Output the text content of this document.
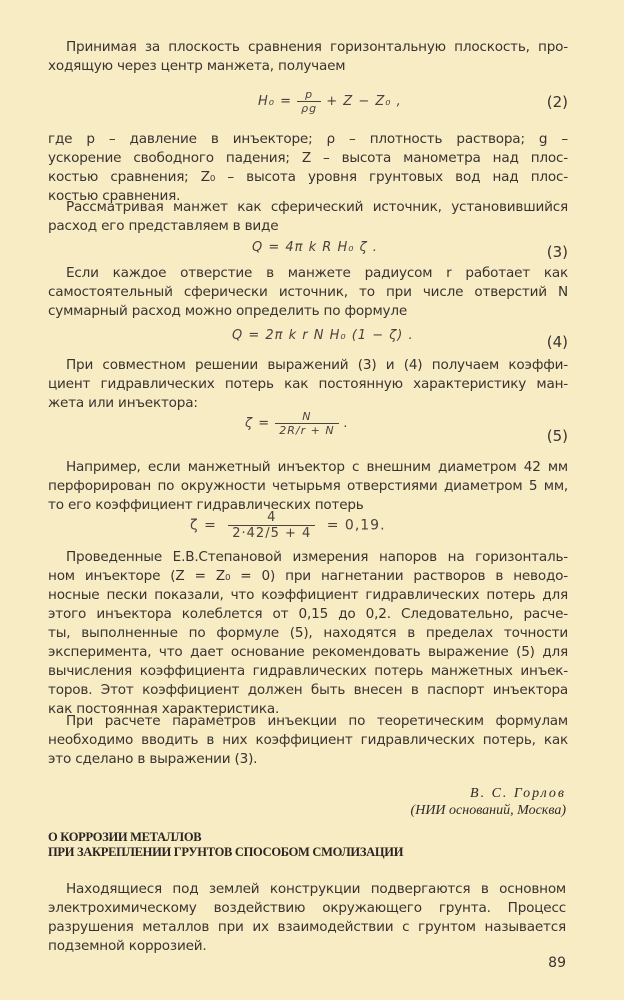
Принимая за плоскость сравнения горизонтальную плоскость, про-
ходящую через центр манжета, получаем
$H_0 = \frac{p}{\rho g} + Z - Z_0$ ,	(2)
где p – давление в инъекторе; ρ – плотность раствора; g –
ускорение свободного падения; Z – высота манометра над плос-
костью сравнения; Z₀ – высота уровня грунтовых вод над плос-
костью сравнения.
Рассматривая манжет как сферический источник, установившийся
расход его представляем в виде
Q = 4π k R H₀ ζ .	(3)
Если каждое отверстие в манжете радиусом r работает как
самостоятельный сферически источник, то при числе отверстий N
суммарный расход можно определить по формуле
Q = 2π k r N H₀ (1 − ζ) .	(4)
При совместном решении выражений (3) и (4) получаем коэффи-
циент гидравлических потерь как постоянную характеристику ман-
жета или инъектора:
$\zeta = \frac{N}{2R/r + N}$ .
(5)
Например, если манжетный инъектор с внешним диаметром 42 мм
перфорирован по окружности четырьмя отверстиями диаметром 5 мм,
то его коэффициент гидравлических потерь
$\zeta = \frac{4}{2\cdot 42/5 + 4} = 0,19$.
Проведенные Е.В.Степановой измерения напоров на горизонталь-
ном инъекторе (Z = Z₀ = 0) при нагнетании растворов в неводо-
носные пески показали, что коэффициент гидравлических потерь для
этого инъектора колеблется от 0,15 до 0,2. Следовательно, расче-
ты, выполненные по формуле (5), находятся в пределах точности
эксперимента, что дает основание рекомендовать выражение (5) для
вычисления коэффициента гидравлических потерь манжетных инъек-
торов. Этот коэффициент должен быть внесен в паспорт инъектора
как постоянная характеристика.
При расчете параметров инъекции по теоретическим формулам
необходимо вводить в них коэффициент гидравлических потерь, как
это сделано в выражении (3).
В. С. Горлов
(НИИ оснований, Москва)
О КОРРОЗИИ МЕТАЛЛОВ
ПРИ ЗАКРЕПЛЕНИИ ГРУНТОВ СПОСОБОМ СМОЛИЗАЦИИ
Находящиеся под землей конструкции подвергаются в основном
электрохимическому воздействию окружающего грунта. Процесс
разрушения металлов при их взаимодействии с грунтом называется
подземной коррозией.
89
